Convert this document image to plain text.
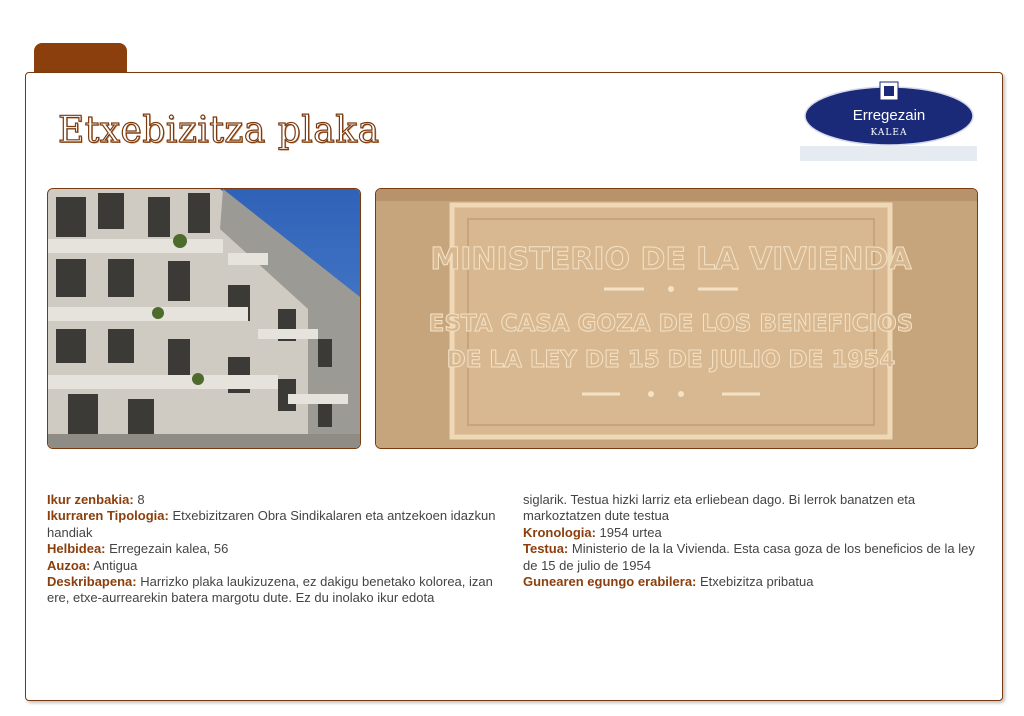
Etxebizitza plaka	Erregezain
KALEA
MINISTERIO DE LA VIVIENDA
ESTA CASA GOZA DE LOS BENEFICIOS
DE LA LEY DE 15 DE JULIO DE 1954

Ikur zenbakia: 8

Ikurraren Tipologia: Etxebizitzaren Obra Sindikalaren eta antzekoen idazkun handiak

Helbidea: Erregezain kalea, 56

Auzoa: Antigua

Deskribapena: Harrizko plaka laukizuzena, ez dakigu benetako kolorea, izan ere, etxe-aurrearekin batera margotu dute. Ez du inolako ikur edota

siglarik. Testua hizki larriz eta erliebean dago. Bi lerrok banatzen eta markoztatzen dute testua

Kronologia: 1954 urtea

Testua: Ministerio de la la Vivienda. Esta casa goza de los beneficios de la ley de 15 de julio de 1954

Gunearen egungo erabilera: Etxebizitza pribatua
